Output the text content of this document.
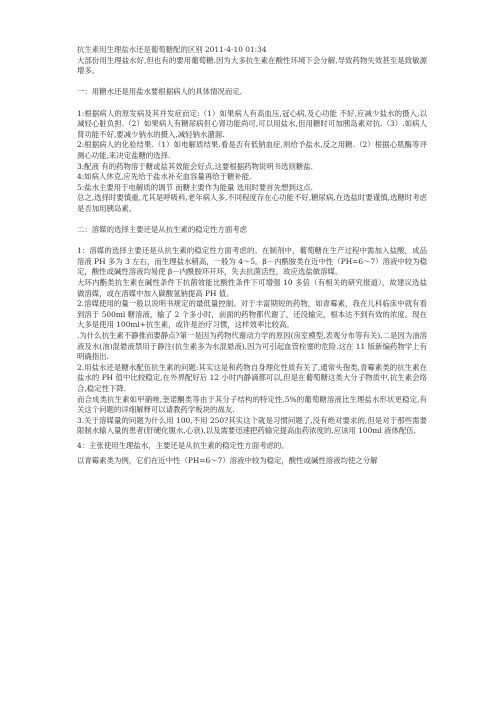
抗生素用生理盐水还是葡萄糖配的区别 2011-4-10 01:34

大部份用生理盐水好,但也有的要用葡萄糖.因为大多抗生素在酸性环境下会分解,导致药物失效甚至是致敏源增多。

一：用糖水还是用盐水要根据病人的具体情况而定.

1:根据病人的原发病及其并发症而定:（1）如果病人有高血压,冠心病,及心功能 不好,应减少盐水的摄入,以减轻心脏负担.（2）如果病人有糖尿病但心肾功能尚可,可以用盐水,但用糖时可加胰岛素对抗.（3）.如病人肾功能不好,要减少钠水的摄入,减轻钠水潴溜.

2:根据病人的化验结果.（1）如电解质结果.看是否有低钠血症,则给予盐水,反之用糖.（2）根据心肌酶等评测心功能,来决定盐糖的选择.

3:配液 有的药物溶于糖或盐其效能会好点,这要根据药物说明书选则糖盐.

4:如病人休克,应先给于盐水补充血容量再给于糖补能.

5:盐水主要用于电解质的调节 而糖主要作为能量 选用时要首先想到这点.

总之,选择时要慎重,尤其是呼吸科,老年病人多,不同程度存在心功能不好,糖尿病,在选盐时要谨慎,选糖时考虑是否加用胰岛素。

二：溶媒的选择主要还是从抗生素的稳定性方面考虑

1：溶媒的选择主要还是从抗生素的稳定性方面考虑的。在制剂中，葡萄糖在生产过程中需加入盐酸，成品溶液 PH 多为 3 左右，而生理盐水稍高，一般为 4～5。β－内酰胺类在近中性（PH=6～7）溶液中较为稳定，酸性或碱性溶液均易使 β－内酰胺环开环，失去抗菌活性，故应选盐做溶媒。

大环内酯类抗生素在碱性条件下抗菌效能比酸性条件下可增强 10 多倍（有相关的研究报道），故建议选盐做溶媒，或在溶媒中加入碳酸氢钠提高 PH 值。

2.溶媒使用的量一般以说明书规定的最低量控制。对于丰富期短的药物，如青霉素，我在儿科临床中就有看到溶于 500ml 糖溶液，输了 2 个多小时，前面的药物都代谢了，还没输完，根本达不到有效的浓度。现在大多是使用 100ml+抗生素，或许是治疗习惯，这样效率比较高。

.为什么抗生素不静推而要静点?第一是因为药物代谢动力学的原因(房室模型,表观分布等有关),二是因为油溶液及水(油)混悬液禁用于静注(抗生素多为水混悬液),因为可引起血管栓塞的危险.这在 11 版新编药物学上有明确指出.

2.用盐水还是糖水配伍抗生素的问题:其实这是和药物自身理化性质有关了,通常头孢类,青霉素类的抗生素在盐水的 PH 值中比较稳定,在外界配好后 12 小时内静滴都可以,但是在葡萄糖这类大分子物质中,抗生素会络合,稳定性下降.

而合成类抗生素如甲硝唑,奎诺酮类等由于其分子结构的特定性,5%的葡萄糖溶液比生理盐水形状更稳定,有关这个问题的详细解释可以请教药学板块的战友.

3.关于溶媒量的问题为什么用 100,不用 250?其实这个就是习惯问题了,没有绝对要求的,但是对于那些需要限制水输入量的患者(肝硬化腹水,心衰),以及需要迅速把药输完提高血药浓度的,应该用 100ml 液体配伍.

4：主张使用生理盐水，主要还是从抗生素的稳定性方面考虑的。

以青霉素类为例，它们在近中性（PH=6～7）溶液中较为稳定，酸性或碱性溶液均使之分解
